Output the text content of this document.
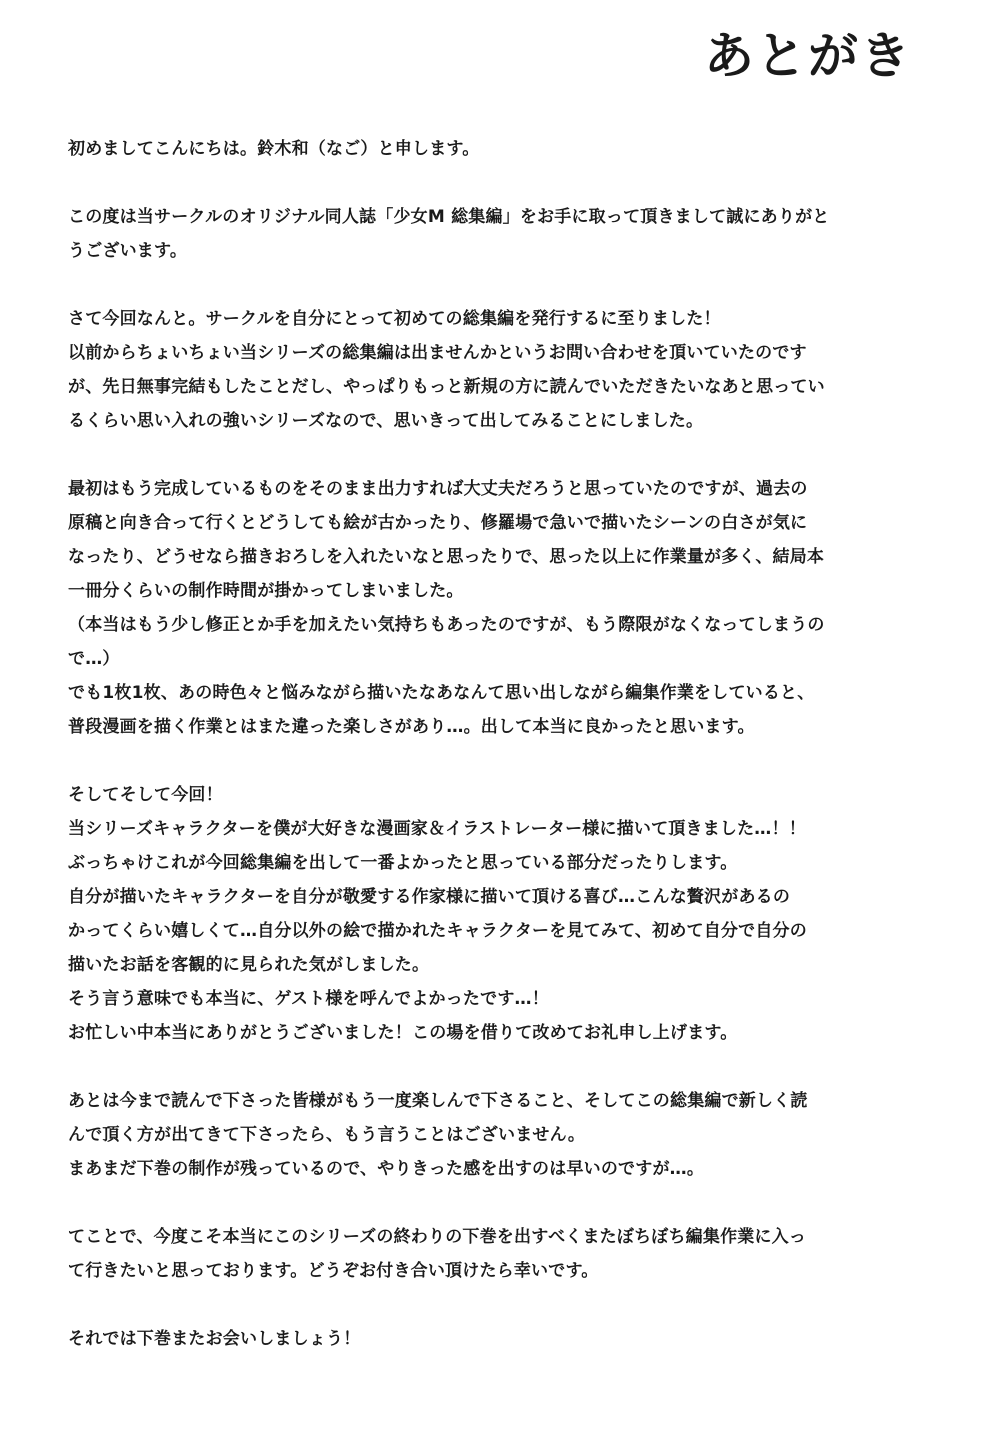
あとがき
初めましてこんにちは。鈴木和（なご）と申します。
この度は当サークルのオリジナル同人誌「少女M 総集編」をお手に取って頂きまして誠にありがと
うございます。
さて今回なんと。サークルを自分にとって初めての総集編を発行するに至りました！
以前からちょいちょい当シリーズの総集編は出ませんかというお問い合わせを頂いていたのです
が、先日無事完結もしたことだし、やっぱりもっと新規の方に読んでいただきたいなあと思ってい
るくらい思い入れの強いシリーズなので、思いきって出してみることにしました。
最初はもう完成しているものをそのまま出力すれば大丈夫だろうと思っていたのですが、過去の
原稿と向き合って行くとどうしても絵が古かったり、修羅場で急いで描いたシーンの白さが気に
なったり、どうせなら描きおろしを入れたいなと思ったりで、思った以上に作業量が多く、結局本
一冊分くらいの制作時間が掛かってしまいました。
（本当はもう少し修正とか手を加えたい気持ちもあったのですが、もう際限がなくなってしまうの
で…）
でも1枚1枚、あの時色々と悩みながら描いたなあなんて思い出しながら編集作業をしていると、
普段漫画を描く作業とはまた違った楽しさがあり…。出して本当に良かったと思います。
そしてそして今回！
当シリーズキャラクターを僕が大好きな漫画家＆イラストレーター様に描いて頂きました…！！
ぶっちゃけこれが今回総集編を出して一番よかったと思っている部分だったりします。
自分が描いたキャラクターを自分が敬愛する作家様に描いて頂ける喜び…こんな贅沢があるの
かってくらい嬉しくて…自分以外の絵で描かれたキャラクターを見てみて、初めて自分で自分の
描いたお話を客観的に見られた気がしました。
そう言う意味でも本当に、ゲスト様を呼んでよかったです…！
お忙しい中本当にありがとうございました！この場を借りて改めてお礼申し上げます。
あとは今まで読んで下さった皆様がもう一度楽しんで下さること、そしてこの総集編で新しく読
んで頂く方が出てきて下さったら、もう言うことはございません。
まあまだ下巻の制作が残っているので、やりきった感を出すのは早いのですが…。
てことで、今度こそ本当にこのシリーズの終わりの下巻を出すべくまたぼちぼち編集作業に入っ
て行きたいと思っております。どうぞお付き合い頂けたら幸いです。
それでは下巻またお会いしましょう！
